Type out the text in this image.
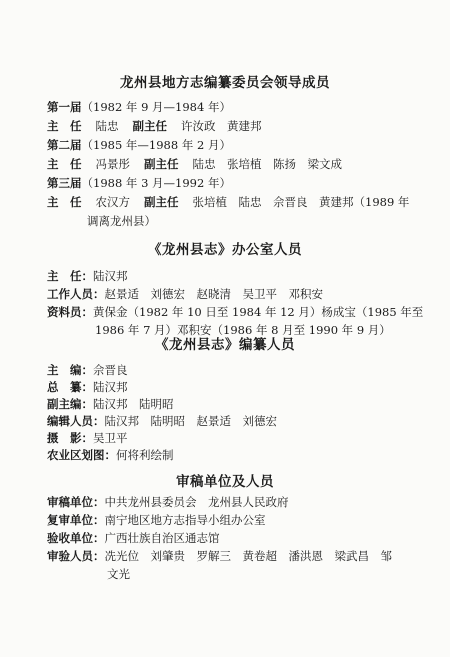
龙州县地方志编纂委员会领导成员
第一届（1982 年 9 月—1984 年）
主　任 陆忠 副主任 许汝政　黄建邦
第二届（1985 年—1988 年 2 月）
主　任 冯景彤 副主任 陆忠　张培植　陈扬　梁文成
第三届（1988 年 3 月—1992 年）
主　任 农汉方 副主任 张培植　陆忠　佘晋良　黄建邦（1989 年
调离龙州县）
《龙州县志》办公室人员
主　任：陆汉邦
工作人员：赵景适　刘德宏　赵晓清　吴卫平　邓积安
资料员：黄保金（1982 年 10 日至 1984 年 12 月）杨成宝（1985 年至
1986 年 7 月）邓积安（1986 年 8 月至 1990 年 9 月）
《龙州县志》编纂人员
主　编：佘晋良
总　纂：陆汉邦
副主编：陆汉邦　陆明昭
编辑人员：陆汉邦　陆明昭　赵景适　刘德宏
摄　影：吴卫平
农业区划图：何将利绘制
审稿单位及人员
审稿单位：中共龙州县委员会　龙州县人民政府
复审单位：南宁地区地方志指导小组办公室
验收单位：广西壮族自治区通志馆
审验人员：冼光位　刘肇贵　罗解三　黄卷超　潘洪恩　梁武昌　邹
文光
